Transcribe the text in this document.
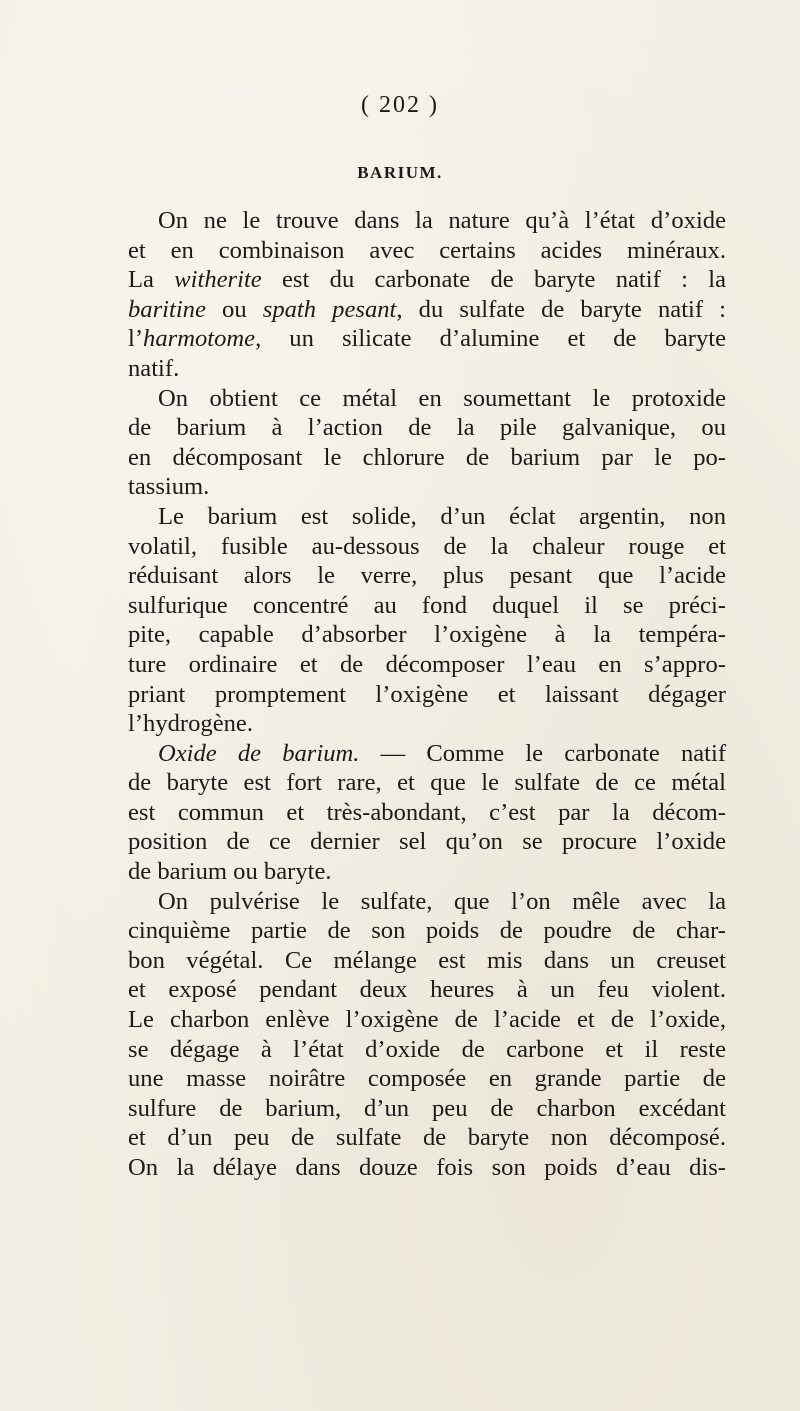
( 202 )
BARIUM.
On ne le trouve dans la nature qu’à l’état d’oxide
et en combinaison avec certains acides minéraux.
La witherite est du carbonate de baryte natif : la
baritine ou spath pesant, du sulfate de baryte natif :
l’harmotome, un silicate d’alumine et de baryte
natif.
On obtient ce métal en soumettant le protoxide
de barium à l’action de la pile galvanique, ou
en décomposant le chlorure de barium par le po-
tassium.
Le barium est solide, d’un éclat argentin, non
volatil, fusible au-dessous de la chaleur rouge et
réduisant alors le verre, plus pesant que l’acide
sulfurique concentré au fond duquel il se préci-
pite, capable d’absorber l’oxigène à la tempéra-
ture ordinaire et de décomposer l’eau en s’appro-
priant promptement l’oxigène et laissant dégager
l’hydrogène.
Oxide de barium. — Comme le carbonate natif
de baryte est fort rare, et que le sulfate de ce métal
est commun et très-abondant, c’est par la décom-
position de ce dernier sel qu’on se procure l’oxide
de barium ou baryte.
On pulvérise le sulfate, que l’on mêle avec la
cinquième partie de son poids de poudre de char-
bon végétal. Ce mélange est mis dans un creuset
et exposé pendant deux heures à un feu violent.
Le charbon enlève l’oxigène de l’acide et de l’oxide,
se dégage à l’état d’oxide de carbone et il reste
une masse noirâtre composée en grande partie de
sulfure de barium, d’un peu de charbon excédant
et d’un peu de sulfate de baryte non décomposé.
On la délaye dans douze fois son poids d’eau dis-
